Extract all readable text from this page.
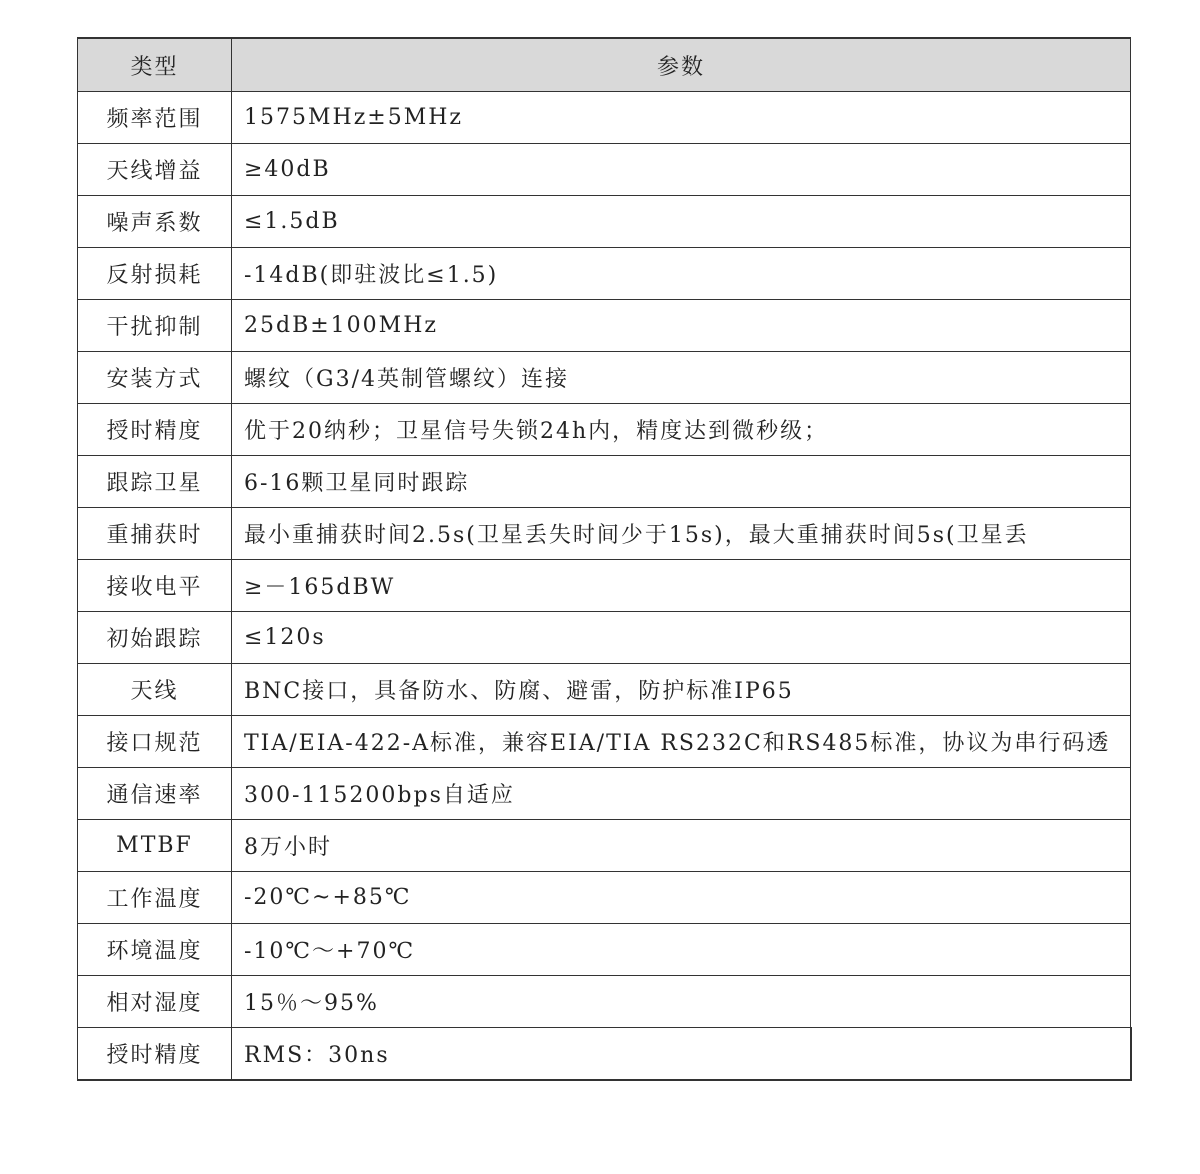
类型	参数
频率范围	1575MHz±5MHz
天线增益	≥40dB
噪声系数	≤1.5dB
反射损耗	-14dB(即驻波比≤1.5)
干扰抑制	25dB±100MHz
安装方式	螺纹（G3/4英制管螺纹）连接
授时精度	优于20纳秒；卫星信号失锁24h内，精度达到微秒级；
跟踪卫星	6-16颗卫星同时跟踪
重捕获时	最小重捕获时间2.5s(卫星丢失时间少于15s)，最大重捕获时间5s(卫星丢
接收电平	≥－165dBW
初始跟踪	≤120s
天线	BNC接口，具备防水、防腐、避雷，防护标准IP65
接口规范	TIA/EIA-422-A标准，兼容EIA/TIA RS232C和RS485标准，协议为串行码透
通信速率	300-115200bps自适应
MTBF	8万小时
工作温度	-20℃~+85℃
环境温度	-10℃～+70℃
相对湿度	15％～95%
授时精度	RMS：30ns
